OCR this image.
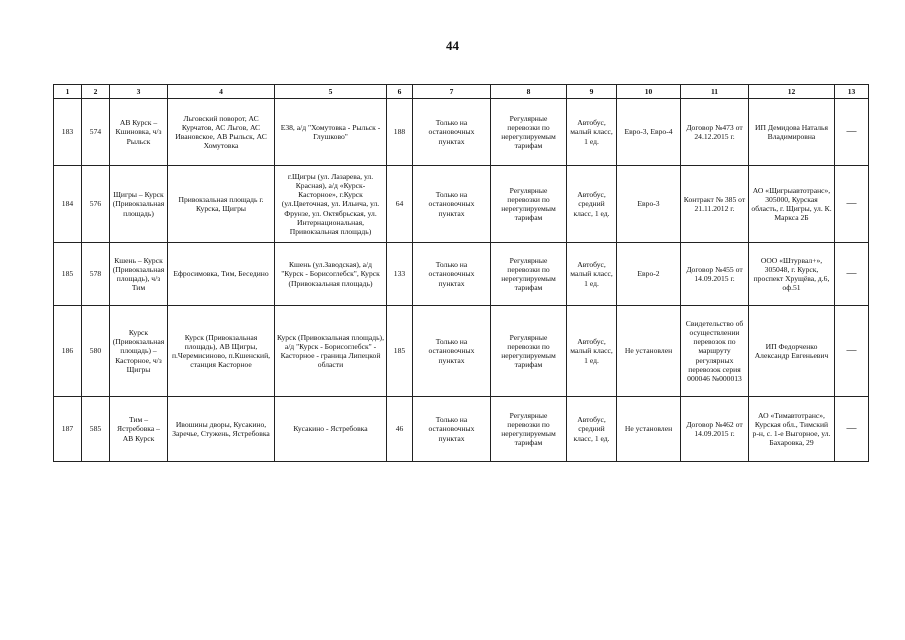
44
1	2	3	4	5	6	7	8	9	10	11	12	13
183	574	АВ Курск – Кшиновка, ч/з Рыльск	Льговский поворот, АС Курчатов, АС Льгов, АС Ивановское, АВ Рыльск, АС Хомутовка	Е38, а/д "Хомутовка - Рыльск - Глушково"	188	Только на остановочных пунктах	Регулярные перевозки по нерегулируемым тарифам	Автобус, малый класс, 1 ед.	Евро-3, Евро-4	Договор №473 от 24.12.2015 г.	ИП Демидова Наталья Владимировна	—
184	576	Щигры – Курск (Привокзальная площадь)	Привокзальная площадь г. Курска, Щигры	г.Щигры (ул. Лазарева, ул. Красная), а/д «Курск-Касторное», г.Курск (ул.Цветочная, ул. Ильича, ул. Фрунзе, ул. Октябрьская, ул. Интернациональная, Привокзальная площадь)	64	Только на остановочных пунктах	Регулярные перевозки по нерегулируемым тарифам	Автобус, средний класс, 1 ед.	Евро-3	Контракт № 385 от 21.11.2012 г.	АО «Щигрыавтотранс», 305000, Курская область, г. Щигры, ул. К. Маркса 2Б	—
185	578	Кшень – Курск (Привокзальная площадь), ч/з Тим	Ефросимовка, Тим, Беседино	Кшень (ул.Заводская), а/д "Курск - Борисоглебск", Курск (Привокзальная площадь)	133	Только на остановочных пунктах	Регулярные перевозки по нерегулируемым тарифам	Автобус, малый класс, 1 ед.	Евро-2	Договор №455 от 14.09.2015 г.	ООО «Штурвал+», 305048, г. Курск, проспект Хрущёва, д.6, оф.51	—
186	580	Курск (Привокзальная площадь) – Касторное, ч/з Щигры	Курск (Привокзальная площадь), АВ Щигры, п.Черемисиново, п.Кшенский, станция Касторное	Курск (Привокзальная площадь), а/д "Курск - Борисоглебск" - Касторное - граница Липецкой области	185	Только на остановочных пунктах	Регулярные перевозки по нерегулируемым тарифам	Автобус, малый класс, 1 ед.	Не установлен	Свидетельство об осуществлении перевозок по маршруту регулярных перевозок серия 000046 №000013	ИП Федорченко Александр Евгеньевич	—
187	585	Тим – Ястребовка – АВ Курск	Ивошины дворы, Кусакино, Заречье, Стужень, Ястребовка	Кусакино - Ястребовка	46	Только на остановочных пунктах	Регулярные перевозки по нерегулируемым тарифам	Автобус, средний класс, 1 ед.	Не установлен	Договор №462 от 14.09.2015 г.	АО «Тимавтотранс», Курская обл., Тимский р-н, с. 1-е Выгорное, ул. Бахаровка, 29	—
